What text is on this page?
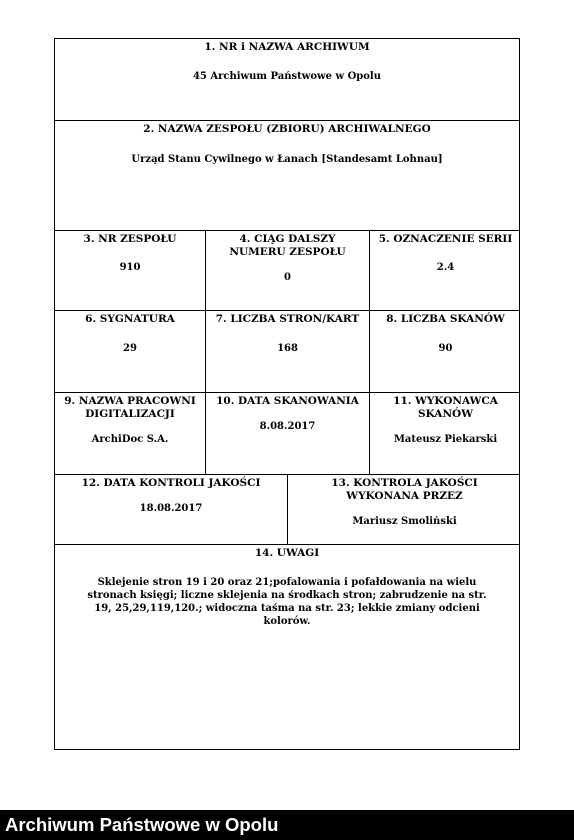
1. NR i NAZWA ARCHIWUM
45 Archiwum Państwowe w Opolu
2. NAZWA ZESPOŁU (ZBIORU) ARCHIWALNEGO
Urząd Stanu Cywilnego w Łanach [Standesamt Lohnau]
3. NR ZESPOŁU
910
4. CIĄG DALSZY NUMERU ZESPOŁU
0
5. OZNACZENIE SERII
2.4
6. SYGNATURA
29
7. LICZBA STRON/KART
168
8. LICZBA SKANÓW
90
9. NAZWA PRACOWNI DIGITALIZACJI
ArchiDoc S.A.
10. DATA SKANOWANIA
8.08.2017
11. WYKONAWCA SKANÓW
Mateusz Piekarski
12. DATA KONTROLI JAKOŚCI
18.08.2017
13. KONTROLA JAKOŚCI WYKONANA PRZEZ
Mariusz Smoliński
14. UWAGI
Sklejenie stron 19 i 20 oraz 21;pofalowania i pofałdowania na wielu stronach księgi; liczne sklejenia na środkach stron; zabrudzenie na str. 19, 25,29,119,120.; widoczna taśma na str. 23; lekkie zmiany odcieni kolorów.
Archiwum Państwowe w Opolu
